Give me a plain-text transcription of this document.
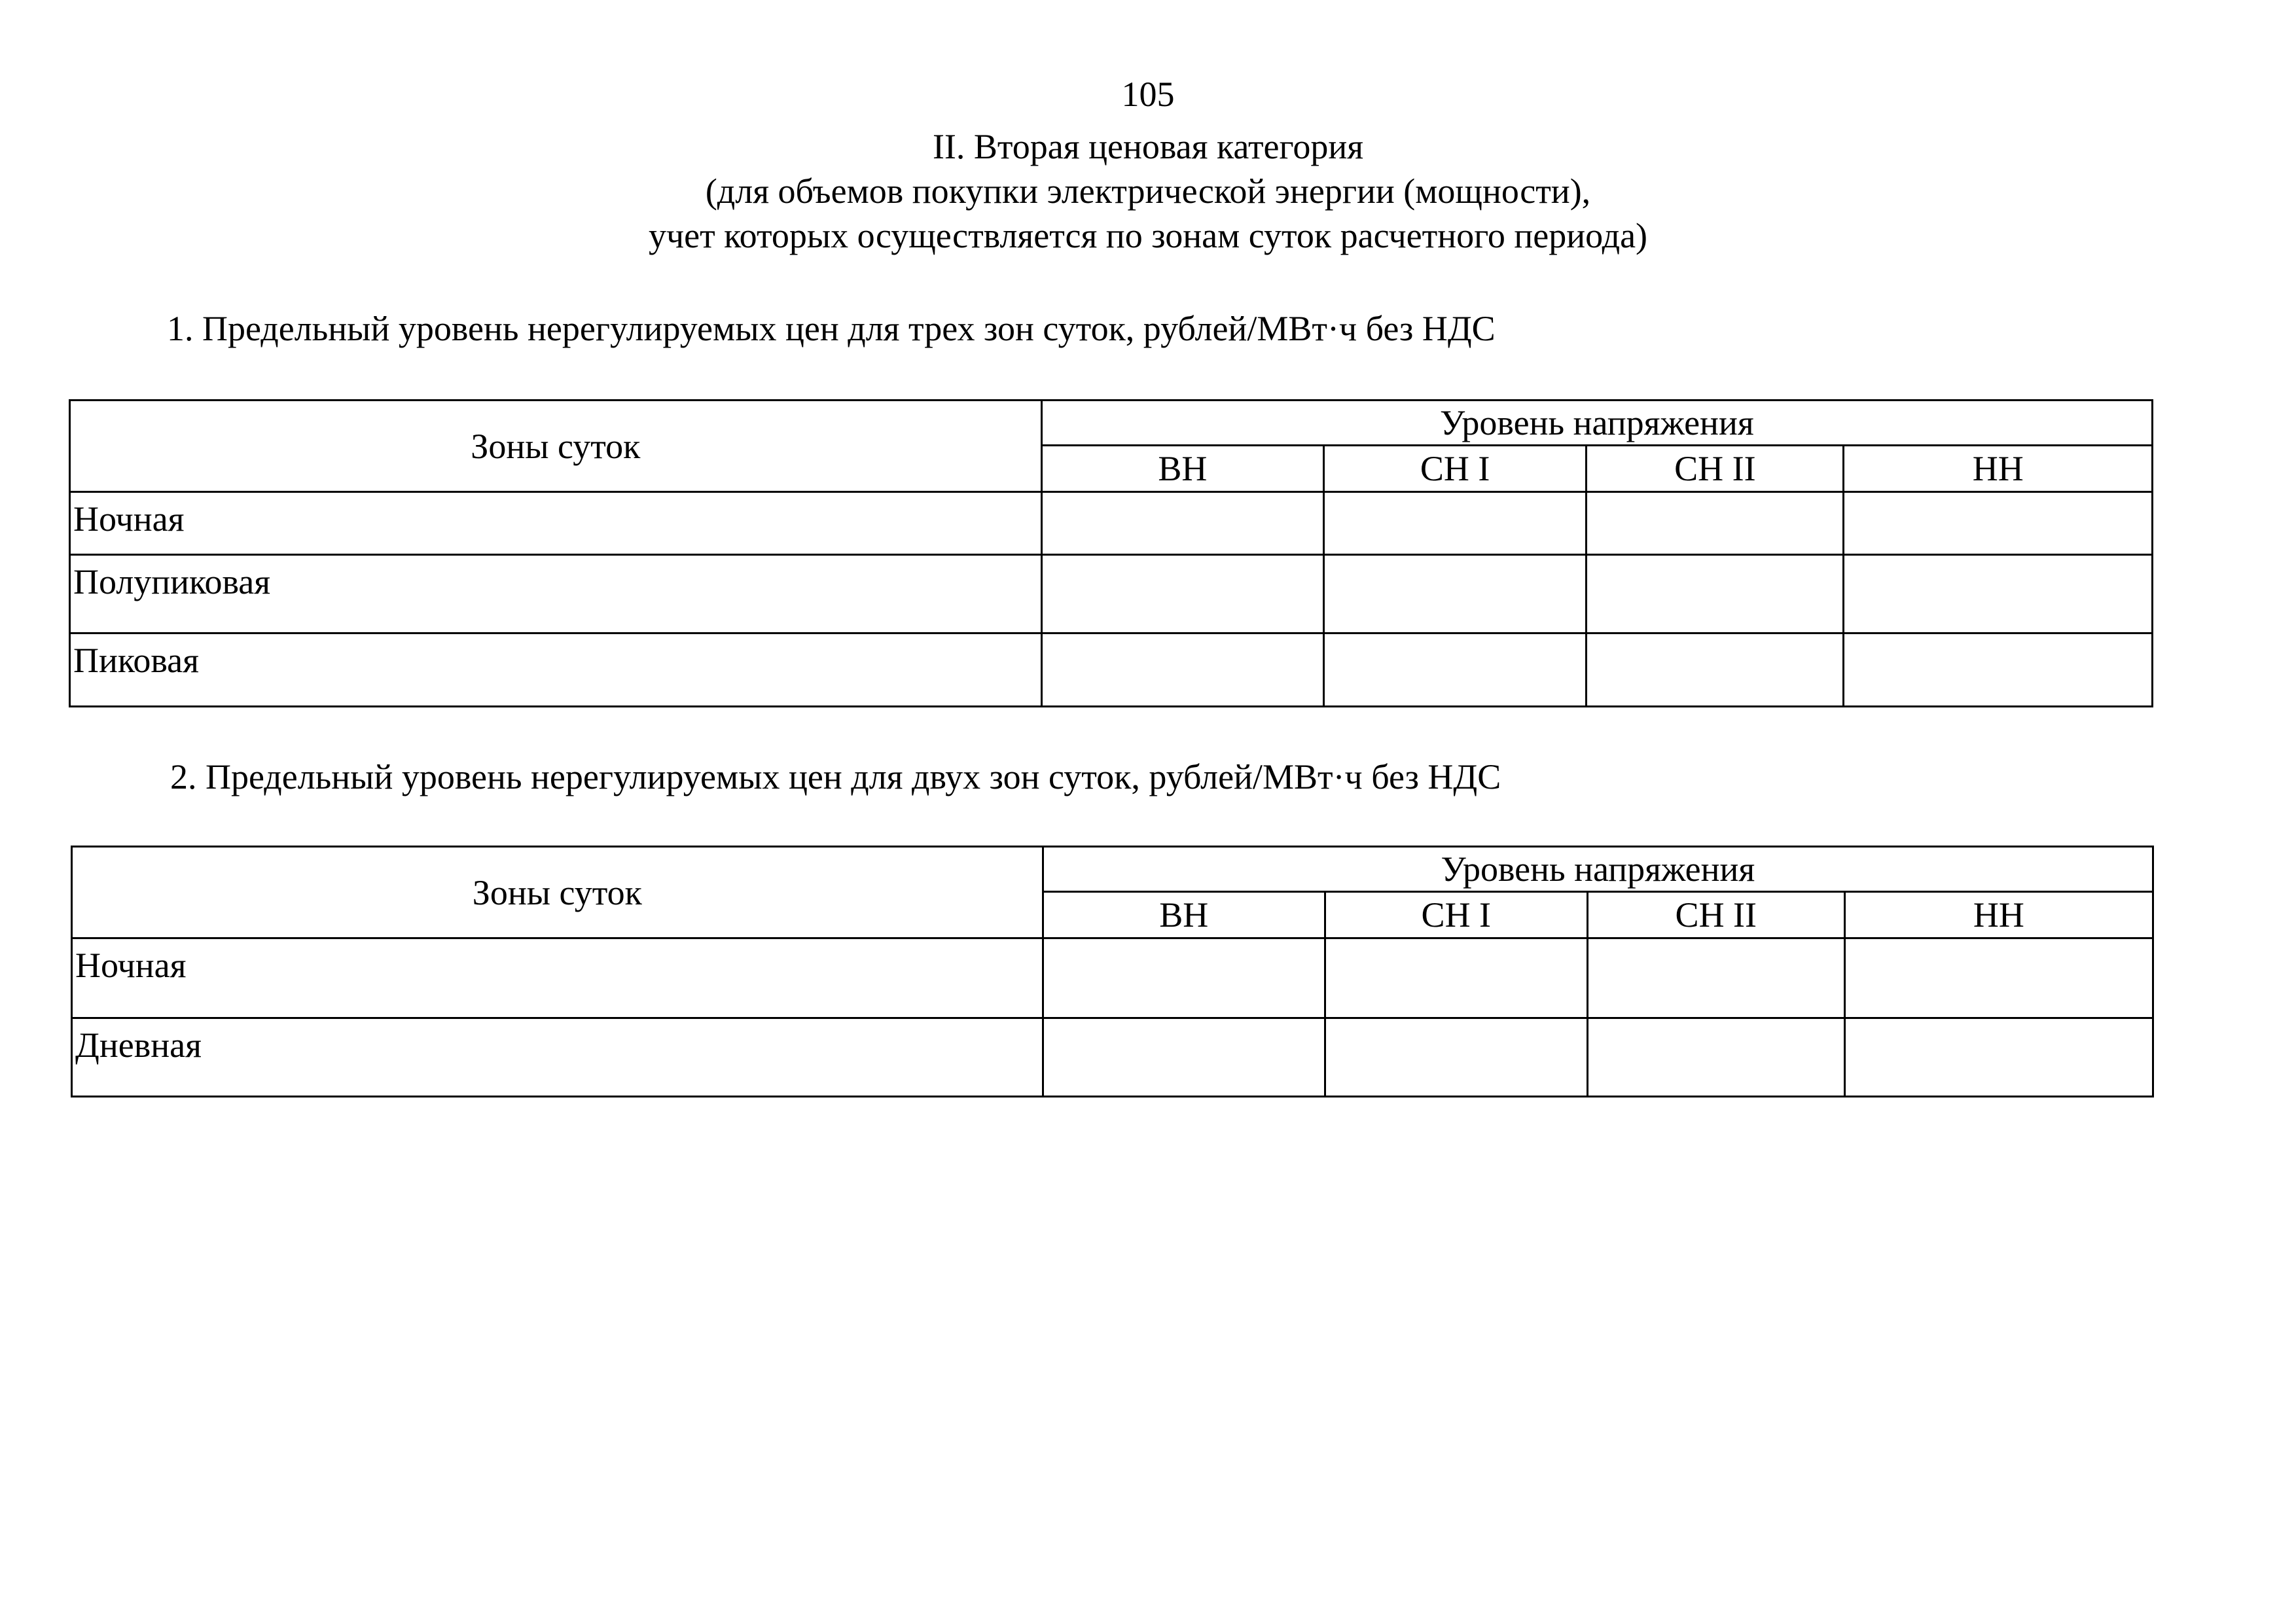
105
II. Вторая ценовая категория
(для объемов покупки электрической энергии (мощности),
учет которых осуществляется по зонам суток расчетного периода)
1. Предельный уровень нерегулируемых цен для трех зон суток, рублей/МВт·ч без НДС
Зоны суток	Уровень напряжения			
	ВН	СН I	СН II	НН
Ночная				
Полупиковая				
Пиковая				
2. Предельный уровень нерегулируемых цен для двух зон суток, рублей/МВт·ч без НДС
Зоны суток	Уровень напряжения			
	ВН	СН I	СН II	НН
Ночная				
Дневная				
